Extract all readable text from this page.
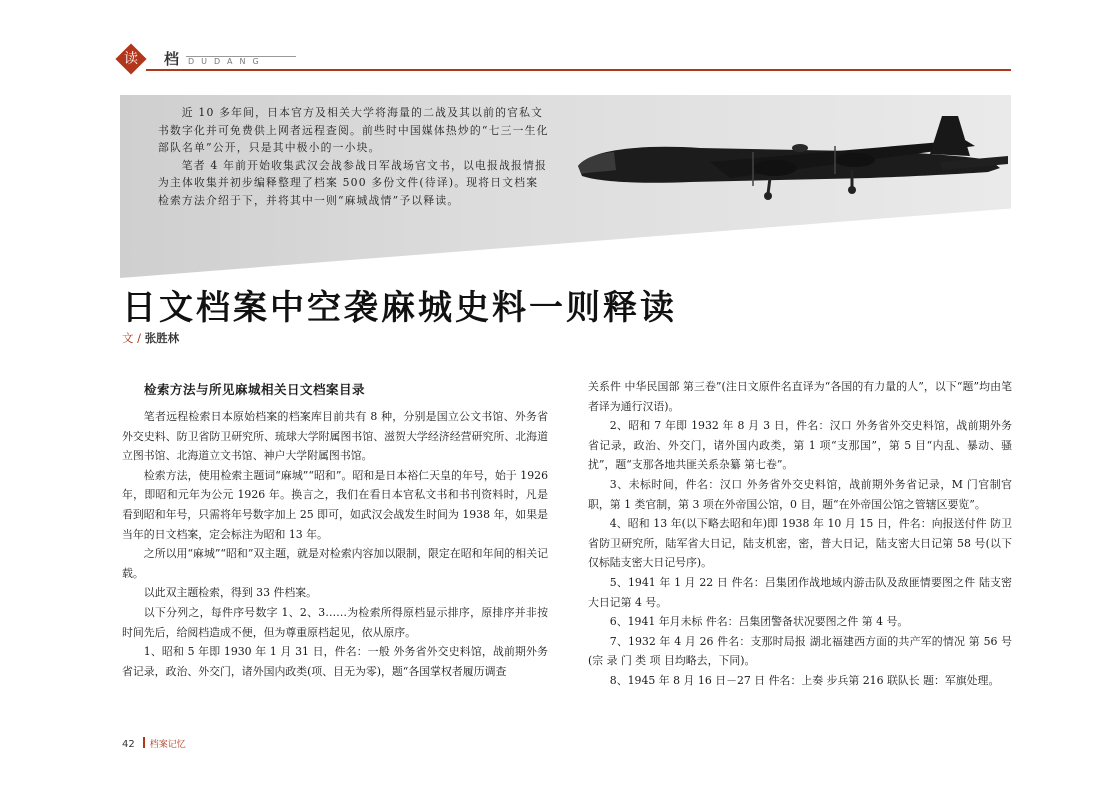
读 档 DUDANG

近 10 多年间，日本官方及相关大学将海量的二战及其以前的官私文书数字化并可免费供上网者远程查阅。前些时中国媒体热炒的“七三一生化部队名单”公开，只是其中极小的一小块。

笔者 4 年前开始收集武汉会战参战日军战场官文书，以电报战报情报为主体收集并初步编释整理了档案 500 多份文件(待译)。现将日文档案检索方法介绍于下，并将其中一则“麻城战情”予以释读。

日文档案中空袭麻城史料一则释读
文 / 张胜林
检索方法与所见麻城相关日文档案目录

笔者远程检索日本原始档案的档案库目前共有 8 种，分别是国立公文书馆、外务省外交史料、防卫省防卫研究所、琉球大学附属图书馆、滋贺大学经济经营研究所、北海道立图书馆、北海道立文书馆、神户大学附属图书馆。

检索方法，使用检索主题词“麻城”“昭和”。昭和是日本裕仁天皇的年号，始于 1926 年，即昭和元年为公元 1926 年。换言之，我们在看日本官私文书和书刊资料时，凡是看到昭和年号，只需将年号数字加上 25 即可，如武汉会战发生时间为 1938 年，如果是当年的日文档案，定会标注为昭和 13 年。

之所以用“麻城”“昭和”双主题，就是对检索内容加以限制，限定在昭和年间的相关记载。

以此双主题检索，得到 33 件档案。

以下分列之，每件序号数字 1、2、3……为检索所得原档显示排序，原排序并非按时间先后，给阅档造成不便，但为尊重原档起见，依从原序。

1、昭和 5 年即 1930 年 1 月 31 日，件名：一般 外务省外交史料馆，战前期外务省记录，政治、外交门，诸外国内政类(项、目无为零)，题“各国掌权者履历调查

关系件 中华民国部 第三卷”(注日文原件名直译为“各国的有力量的人”，以下“题”均由笔者译为通行汉语)。

2、昭和 7 年即 1932 年 8 月 3 日，件名：汉口 外务省外交史料馆，战前期外务省记录，政治、外交门，诸外国内政类，第 1 项“支那国”，第 5 目“内乱、暴动、骚扰”，题“支那各地共匪关系杂纂 第七卷”。

3、未标时间，件名：汉口 外务省外交史料馆，战前期外务省记录，M 门官制官职，第 1 类官制，第 3 项在外帝国公馆，0 目，题“在外帝国公馆之管辖区要览”。

4、昭和 13 年(以下略去昭和年)即 1938 年 10 月 15 日，件名：向报送付件 防卫省防卫研究所，陆军省大日记，陆支机密，密，普大日记，陆支密大日记第 58 号(以下仅标陆支密大日记号序)。

5、1941 年 1 月 22 日 件名：吕集团作战地域内游击队及敌匪情要图之件 陆支密大日记第 4 号。

6、1941 年月未标 件名：吕集团警备状况要图之件 第 4 号。

7、1932 年 4 月 26 件名：支那时局报 湖北福建西方面的共产军的情况 第 56 号(宗 录 门 类 项 目均略去，下同)。

8、1945 年 8 月 16 日－27 日 件名：上奏 步兵第 216 联队长 题：军旗处理。

42 档案记忆
